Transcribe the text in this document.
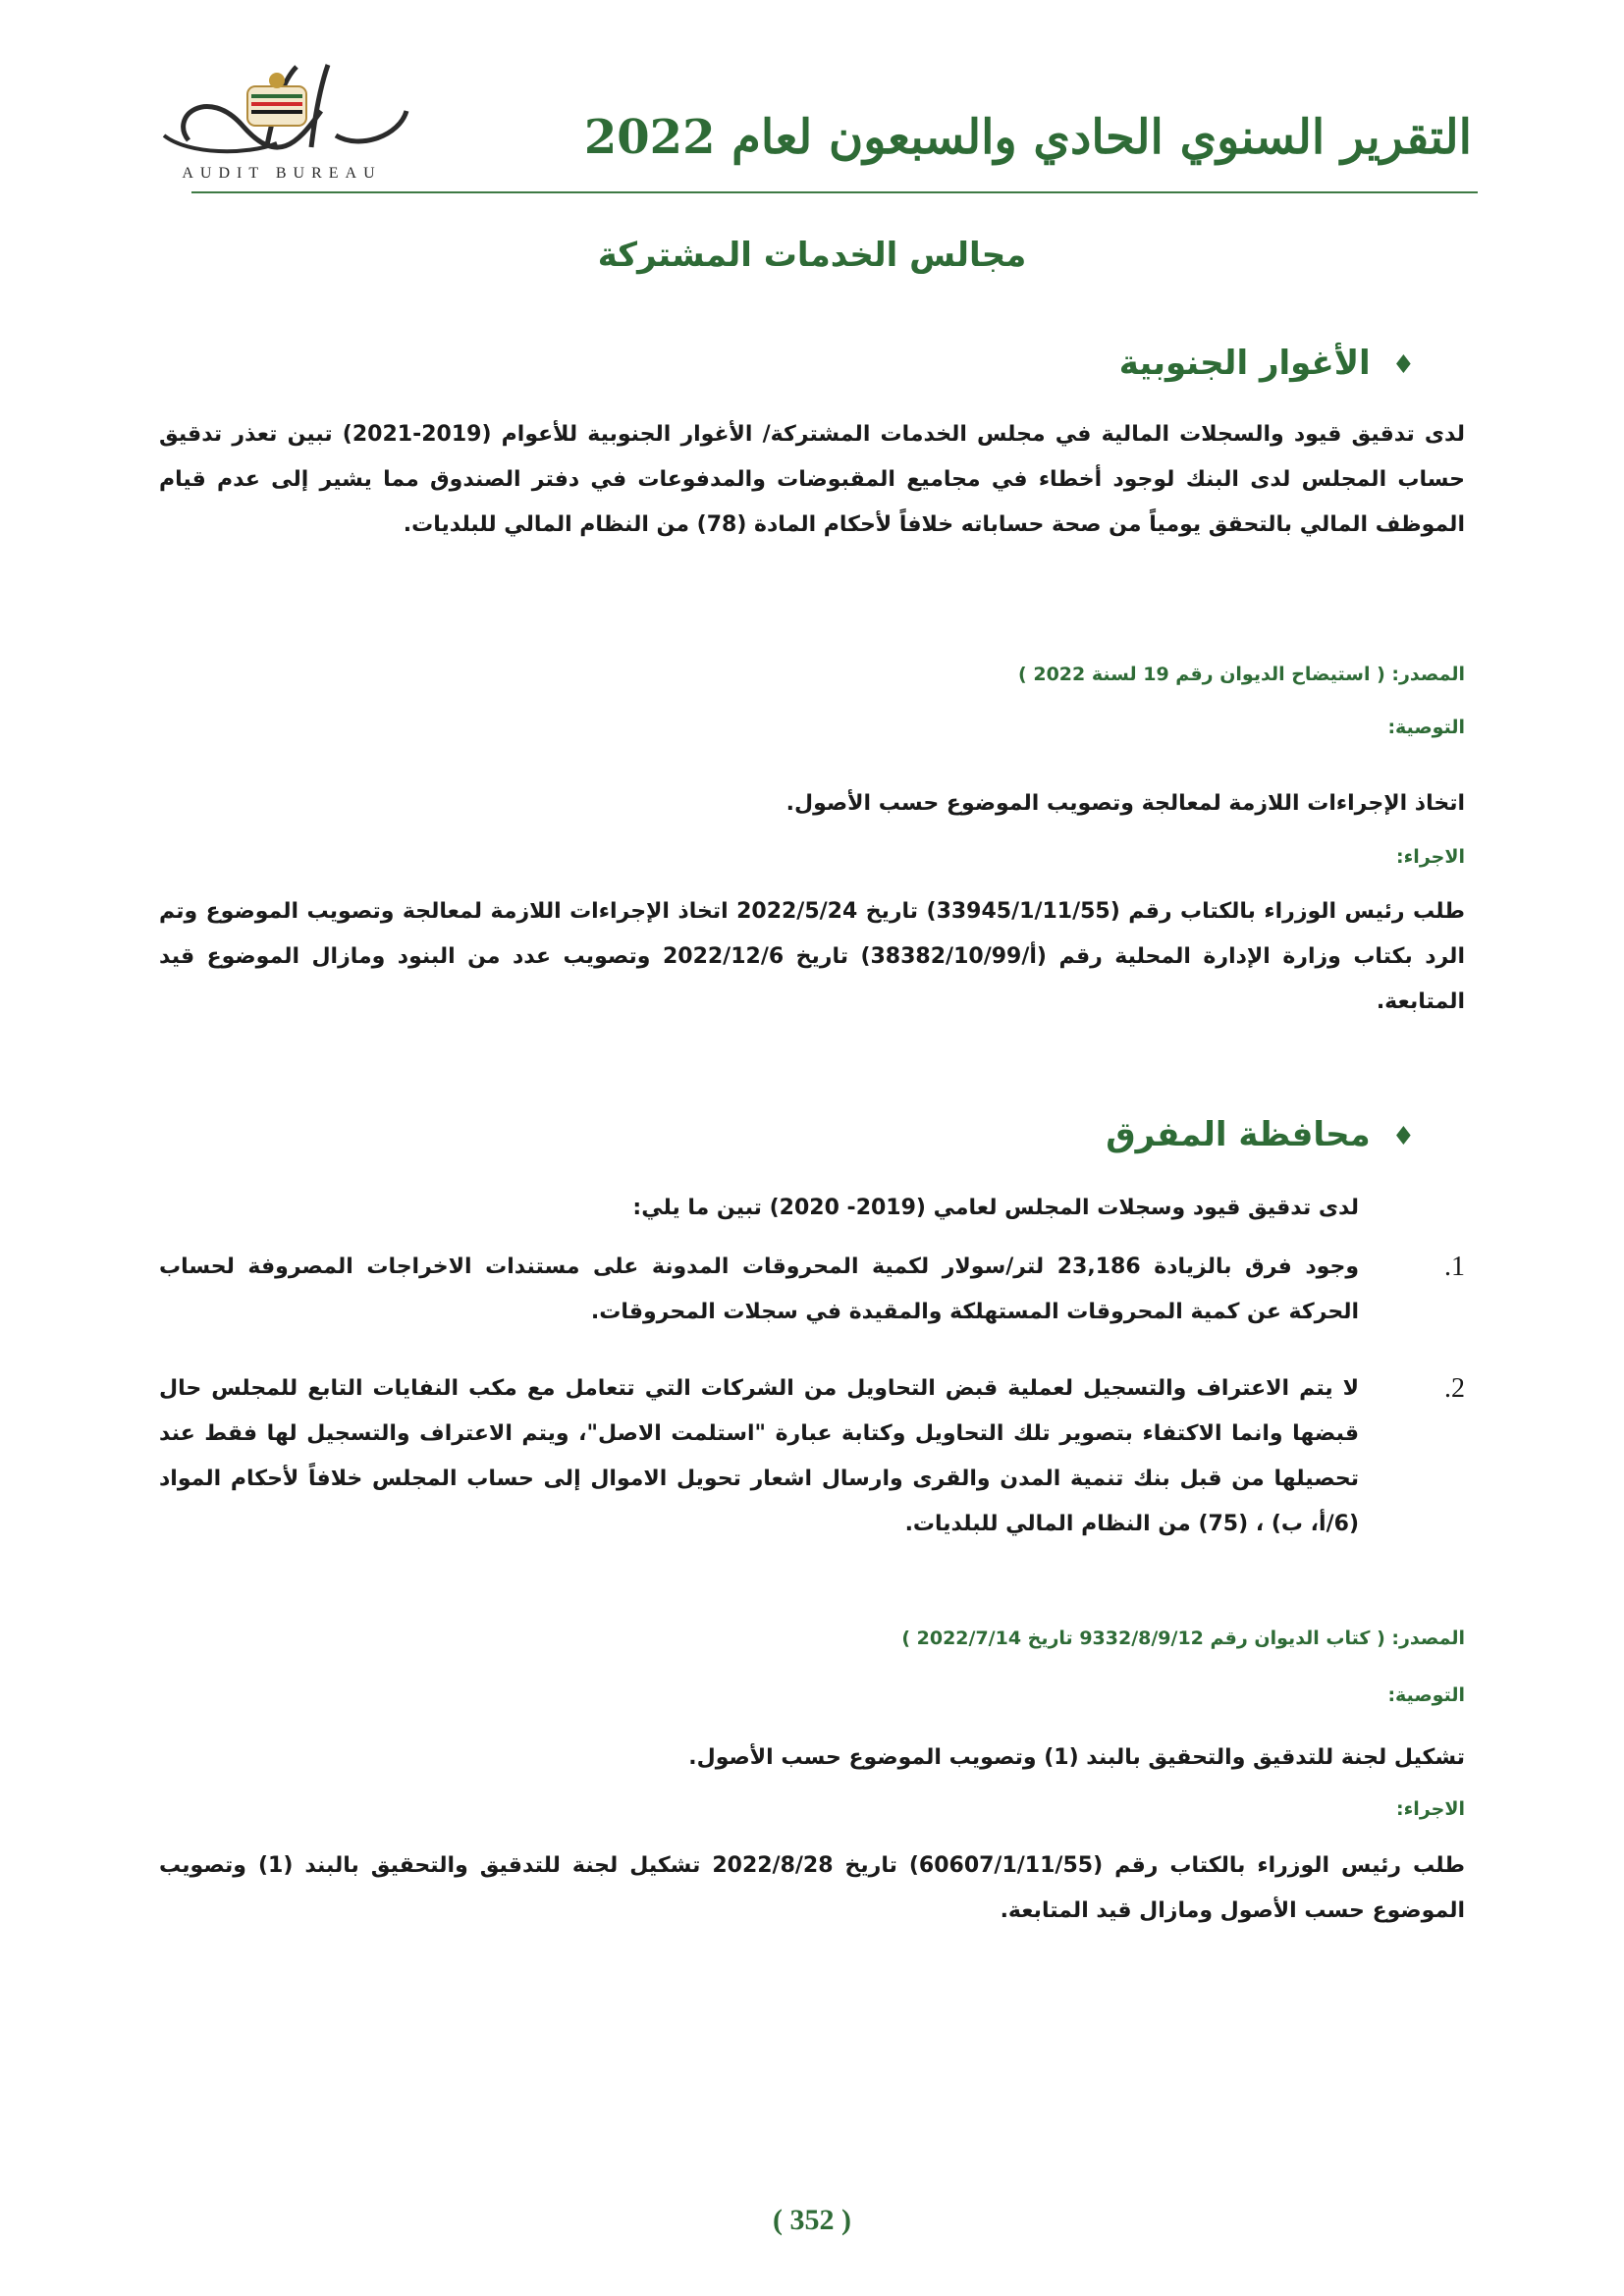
التقرير السنوي الحادي والسبعون لعام 2022
AUDIT BUREAU
مجالس الخدمات المشتركة
♦الأغوار الجنوبية
لدى تدقيق قيود والسجلات المالية في مجلس الخدمات المشتركة/ الأغوار الجنوبية للأعوام (2019-2021) تبين تعذر تدقيق حساب المجلس لدى البنك لوجود أخطاء في مجاميع المقبوضات والمدفوعات في دفتر الصندوق مما يشير إلى عدم قيام الموظف المالي بالتحقق يومياً من صحة حساباته خلافاً لأحكام المادة (78) من النظام المالي للبلديات.
المصدر: ( استيضاح الديوان رقم 19 لسنة 2022 )
التوصية:
اتخاذ الإجراءات اللازمة لمعالجة وتصويب الموضوع حسب الأصول.
الاجراء:
طلب رئيس الوزراء بالكتاب رقم (33945/1/11/55) تاريخ 2022/5/24 اتخاذ الإجراءات اللازمة لمعالجة وتصويب الموضوع وتم الرد بكتاب وزارة الإدارة المحلية رقم (أ/38382/10/99) تاريخ 2022/12/6 وتصويب عدد من البنود ومازال الموضوع قيد المتابعة.
♦محافظة المفرق
لدى تدقيق قيود وسجلات المجلس لعامي (2019- 2020) تبين ما يلي:
1.
وجود فرق بالزيادة 23,186 لتر/سولار لكمية المحروقات المدونة على مستندات الاخراجات المصروفة لحساب الحركة عن كمية المحروقات المستهلكة والمقيدة في سجلات المحروقات.
2.
لا يتم الاعتراف والتسجيل لعملية قبض التحاويل من الشركات التي تتعامل مع مكب النفايات التابع للمجلس حال قبضها وانما الاكتفاء بتصوير تلك التحاويل وكتابة عبارة "استلمت الاصل"، ويتم الاعتراف والتسجيل لها فقط عند تحصيلها من قبل بنك تنمية المدن والقرى وارسال اشعار تحويل الاموال إلى حساب المجلس خلافاً لأحكام المواد (6/أ، ب) ، (75) من النظام المالي للبلديات.
المصدر: ( كتاب الديوان رقم 9332/8/9/12 تاريخ 2022/7/14 )
التوصية:
تشكيل لجنة للتدقيق والتحقيق بالبند (1) وتصويب الموضوع حسب الأصول.
الاجراء:
طلب رئيس الوزراء بالكتاب رقم (60607/1/11/55) تاريخ 2022/8/28 تشكيل لجنة للتدقيق والتحقيق بالبند (1) وتصويب الموضوع حسب الأصول ومازال قيد المتابعة.
( 352 )
